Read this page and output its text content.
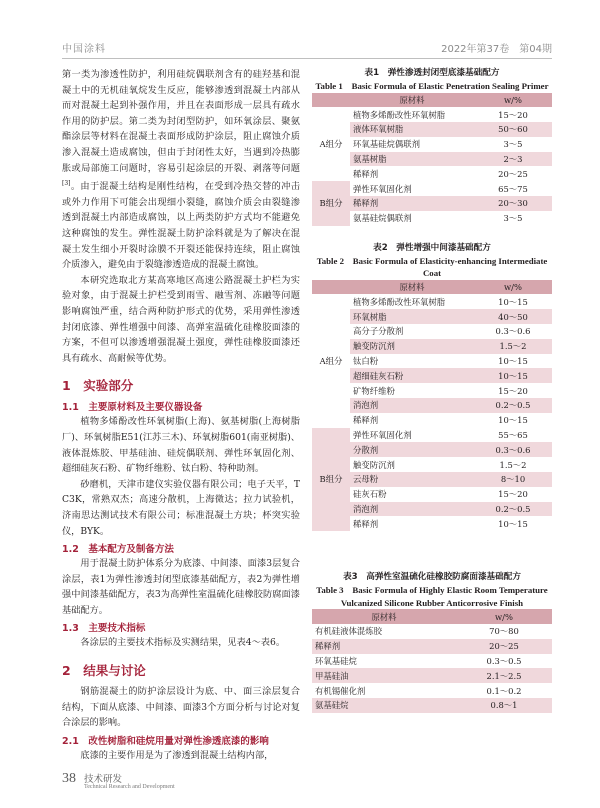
中国涂料	2022年第37卷　第04期

第一类为渗透性防护，利用硅烷偶联剂含有的硅羟基和混凝土中的无机硅氧烷发生反应，能够渗透到混凝土内部从而对混凝土起到补强作用，并且在表面形成一层具有疏水作用的防护层。第二类为封闭型防护，如环氧涂层、聚氨酯涂层等材料在混凝土表面形成防护涂层，阻止腐蚀介质渗入混凝土造成腐蚀，但由于封闭性太好，当遇到冷热膨胀或局部施工问题时，容易引起涂层的开裂、剥落等问题[3]。由于混凝土结构是刚性结构，在受到冷热交替的冲击或外力作用下可能会出现细小裂缝，腐蚀介质会由裂缝渗透到混凝土内部造成腐蚀，以上两类防护方式均不能避免这种腐蚀的发生。弹性混凝土防护涂料就是为了解决在混凝土发生细小开裂时涂膜不开裂还能保持连续，阻止腐蚀介质渗入，避免由于裂缝渗透造成的混凝土腐蚀。

本研究选取北方某高寒地区高速公路混凝土护栏为实验对象，由于混凝土护栏受到雨雪、融雪剂、冻融等问题影响腐蚀严重，结合两种防护形式的优势，采用弹性渗透封闭底漆、弹性增强中间漆、高弹室温硫化硅橡胶面漆的方案，不但可以渗透增强混凝土强度，弹性硅橡胶面漆还具有疏水、高耐候等优势。

1　实验部分
1.1　主要原材料及主要仪器设备

植物多烯酚改性环氧树脂(上海)、氨基树脂(上海树脂厂)、环氧树脂E51(江苏三木)、环氧树脂601(南亚树脂)、液体混炼胶、甲基硅油、硅烷偶联剂、弹性环氧固化剂、超细硅灰石粉、矿物纤维粉、钛白粉、特种助剂。

砂磨机，天津市建仪实验仪器有限公司；电子天平，TC3K，常熟双杰；高速分散机，上海微达；拉力试验机，济南思达测试技术有限公司；标准混凝土方块；杯突实验仪，BYK。

1.2　基本配方及制备方法

用于混凝土防护体系分为底漆、中间漆、面漆3层复合涂层，表1为弹性渗透封闭型底漆基础配方，表2为弹性增强中间漆基础配方，表3为高弹性室温硫化硅橡胶防腐面漆基础配方。

1.3　主要技术指标

各涂层的主要技术指标及实测结果，见表4～表6。

2　结果与讨论

钢筋混凝土的防护涂层设计为底、中、面三涂层复合结构，下面从底漆、中间漆、面漆3个方面分析与讨论对复合涂层的影响。

2.1　改性树脂和硅烷用量对弹性渗透底漆的影响

底漆的主要作用是为了渗透到混凝土结构内部，

表1　弹性渗透封闭型底漆基础配方
Table 1　Basic Formula of Elastic Penetration Sealing Primer
	原材料	w/%
A组分	植物多烯酚改性环氧树脂	15～20
	液体环氧树脂	50～60
	环氧基硅烷偶联剂	3～5
	氨基树脂	2～3
	稀释剂	20～25
B组分	弹性环氧固化剂	65～75
	稀释剂	20～30
	氨基硅烷偶联剂	3～5
表2　弹性增强中间漆基础配方
Table 2　Basic Formula of Elasticity-enhancing Intermediate Coat
	原材料	w/%
A组分	植物多烯酚改性环氧树脂	10～15
	环氧树脂	40～50
	高分子分散剂	0.3～0.6
	触变防沉剂	1.5～2
	钛白粉	10～15
	超细硅灰石粉	10～15
	矿物纤维粉	15～20
	消泡剂	0.2～0.5
	稀释剂	10～15
B组分	弹性环氧固化剂	55～65
	分散剂	0.3～0.6
	触变防沉剂	1.5～2
	云母粉	8～10
	硅灰石粉	15～20
	消泡剂	0.2～0.5
	稀释剂	10～15
表3　高弹性室温硫化硅橡胶防腐面漆基础配方
Table 3　Basic Formula of Highly Elastic Room Temperature Vulcanized Silicone Rubber Anticorrosive Finish
原材料	w/%
有机硅液体混炼胶	70～80
稀释剂	20～25
环氧基硅烷	0.3～0.5
甲基硅油	2.1～2.5
有机锡催化剂	0.1～0.2
氨基硅烷	0.8～1
38 技术研发
Technical Research and Development
